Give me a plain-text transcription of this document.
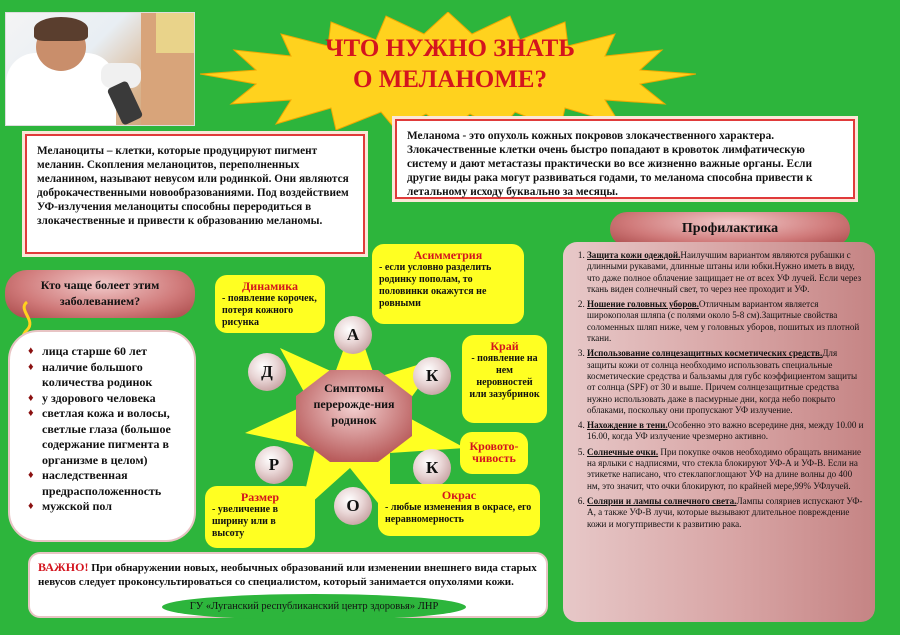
ЧТО НУЖНО ЗНАТЬ О МЕЛАНОМЕ?
Меланоциты – клетки, которые продуцируют пигмент меланин. Скопления меланоцитов, переполненных меланином, называют невусом или родинкой. Они являются доброкачественными новообразованиями. Под воздействием УФ-излучения меланоциты способны переродиться в злокачественные и привести к образованию меланомы.
Меланома - это опухоль кожных покровов злокачественного характера. Злокачественные клетки очень быстро попадают в кровоток лимфатическую систему и дают метастазы практически во все жизненно важные органы. Если другие виды рака могут развиваться годами, то меланома способна привести к летальному исходу буквально за месяцы.
Кто чаще болеет этим заболеванием?
♦ лица старше 60 лет
♦ наличие большого количества родинок
♦ у здорового человека
♦ светлая кожа и волосы, светлые глаза (большое содержание пигмента в организме в целом)
♦ наследственная предрасположенность
♦ мужской пол
Симптомы перерожде-ния родинок
А
К
К
О
Р
Д
Динамика
- появление корочек, потеря кожного рисунка
Асимметрия
- если условно разделить родинку пополам, то половинки окажутся не ровными
Край
- появление на нем неровностей или зазубринок
Кровото-чивость
Размер
- увеличение в ширину или в высоту
Окрас
- любые изменения в окрасе, его неравномерность
Профилактика
1. Защита кожи одеждой.Наилучшим вариантом являются рубашки с длинными рукавами, длинные штаны или юбки.Нужно иметь в виду, что даже полное облачение защищает не от всех УФ лучей. Если через ткань виден солнечный свет, то через нее проходит и УФ.
2. Ношение головных уборов.Отличным вариантом является широкополая шляпа (с полями около 5-8 см).Защитные свойства соломенных шляп ниже, чем у головных уборов, пошитых из плотной ткани.
3. Использование солнцезащитных косметических средств.Для защиты кожи от солнца необходимо использовать специальные косметические средства и бальзамы для губс коэффициентом защиты от солнца (SPF) от 30 и выше. Причем солнцезащитные средства нужно использовать даже в пасмурные дни, когда небо покрыто облаками, поскольку они пропускают УФ излучение.
4. Нахождение в тени.Особенно это важно всередине дня, между 10.00 и 16.00, когда УФ излучение чрезмерно активно.
5. Солнечные очки. При покупке очков необходимо обращать внимание на ярлыки с надписями, что стекла блокируют УФ-А и УФ-В. Если на этикетке написано, что стеклапоглощают УФ на длине волны до 400 нм, это значит, что очки блокируют, по крайней мере,99% УФлучей.
6. Солярии и лампы солнечного света.Лампы соляриев испускают УФ-А, а также УФ-В лучи, которые вызывают длительное повреждение кожи и могутпривести к развитию рака.
ВАЖНО! При обнаружении новых, необычных образований или изменении внешнего вида старых невусов следует проконсультироваться со специалистом, который занимается опухолями кожи.
ГУ «Луганский республиканский центр здоровья» ЛНР
